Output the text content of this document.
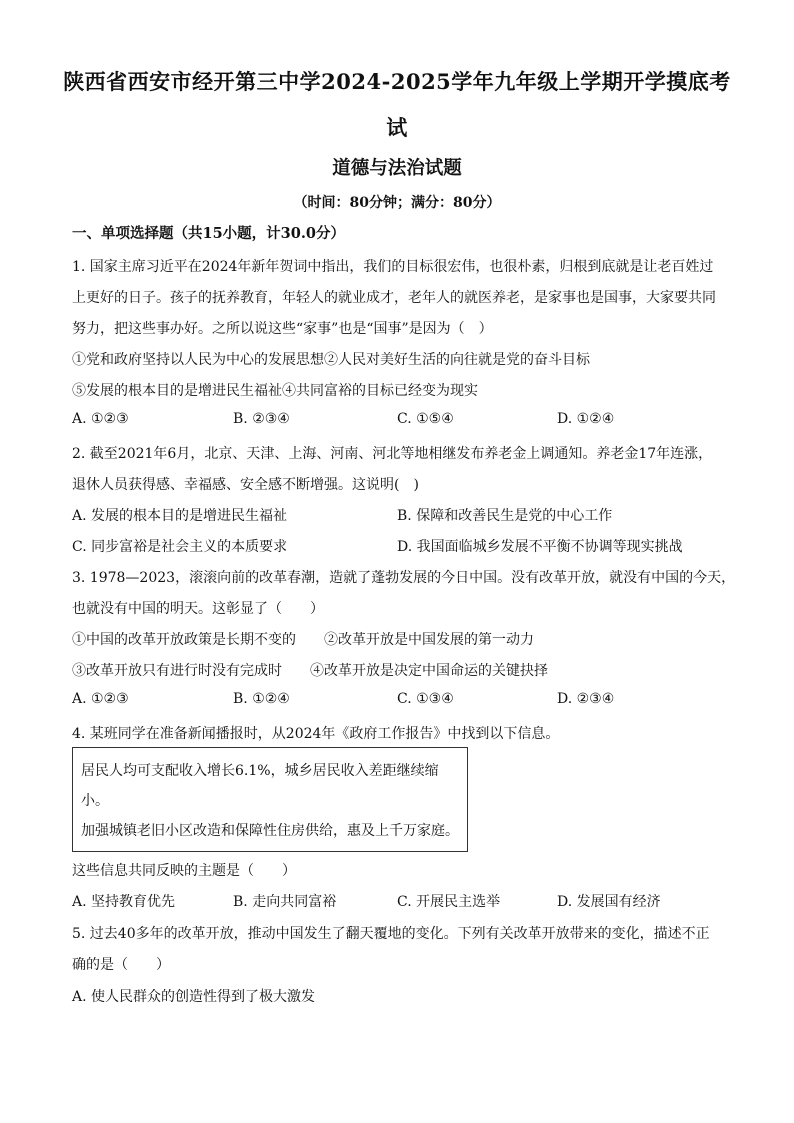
陕西省西安市经开第三中学2024-2025学年九年级上学期开学摸底考
试
道德与法治试题
（时间：80分钟；满分：80分）
一、单项选择题（共15小题，计30.0分）
1. 国家主席习近平在2024年新年贺词中指出，我们的目标很宏伟，也很朴素，归根到底就是让老百姓过
上更好的日子。孩子的抚养教育，年轻人的就业成才，老年人的就医养老，是家事也是国事，大家要共同
努力，把这些事办好。之所以说这些“家事”也是“国事”是因为（　）
①党和政府坚持以人民为中心的发展思想②人民对美好生活的向往就是党的奋斗目标
⑤发展的根本目的是增进民生福祉④共同富裕的目标已经变为现实
A. ①②③	B. ②③④	C. ①⑤④	D. ①②④
2. 截至2021年6月，北京、天津、上海、河南、河北等地相继发布养老金上调通知。养老金17年连涨，
退休人员获得感、幸福感、安全感不断增强。这说明(　)
A. 发展的根本目的是增进民生福祉	B. 保障和改善民生是党的中心工作
C. 同步富裕是社会主义的本质要求	D. 我国面临城乡发展不平衡不协调等现实挑战
3. 1978—2023，滚滚向前的改革春潮，造就了蓬勃发展的今日中国。没有改革开放，就没有中国的今天，
也就没有中国的明天。这彰显了（　　）
①中国的改革开放政策是长期不变的 ②改革开放是中国发展的第一动力
③改革开放只有进行时没有完成时 ④改革开放是决定中国命运的关键抉择
A. ①②③	B. ①②④	C. ①③④	D. ②③④
4. 某班同学在准备新闻播报时，从2024年《政府工作报告》中找到以下信息。
居民人均可支配收入增长6.1%，城乡居民收入差距继续缩
小。
加强城镇老旧小区改造和保障性住房供给，惠及上千万家庭。
这些信息共同反映的主题是（　　）
A. 坚持教育优先	B. 走向共同富裕	C. 开展民主选举	D. 发展国有经济
5. 过去40多年的改革开放，推动中国发生了翻天覆地的变化。下列有关改革开放带来的变化，描述不正
确的是（　　）
A. 使人民群众的创造性得到了极大激发
